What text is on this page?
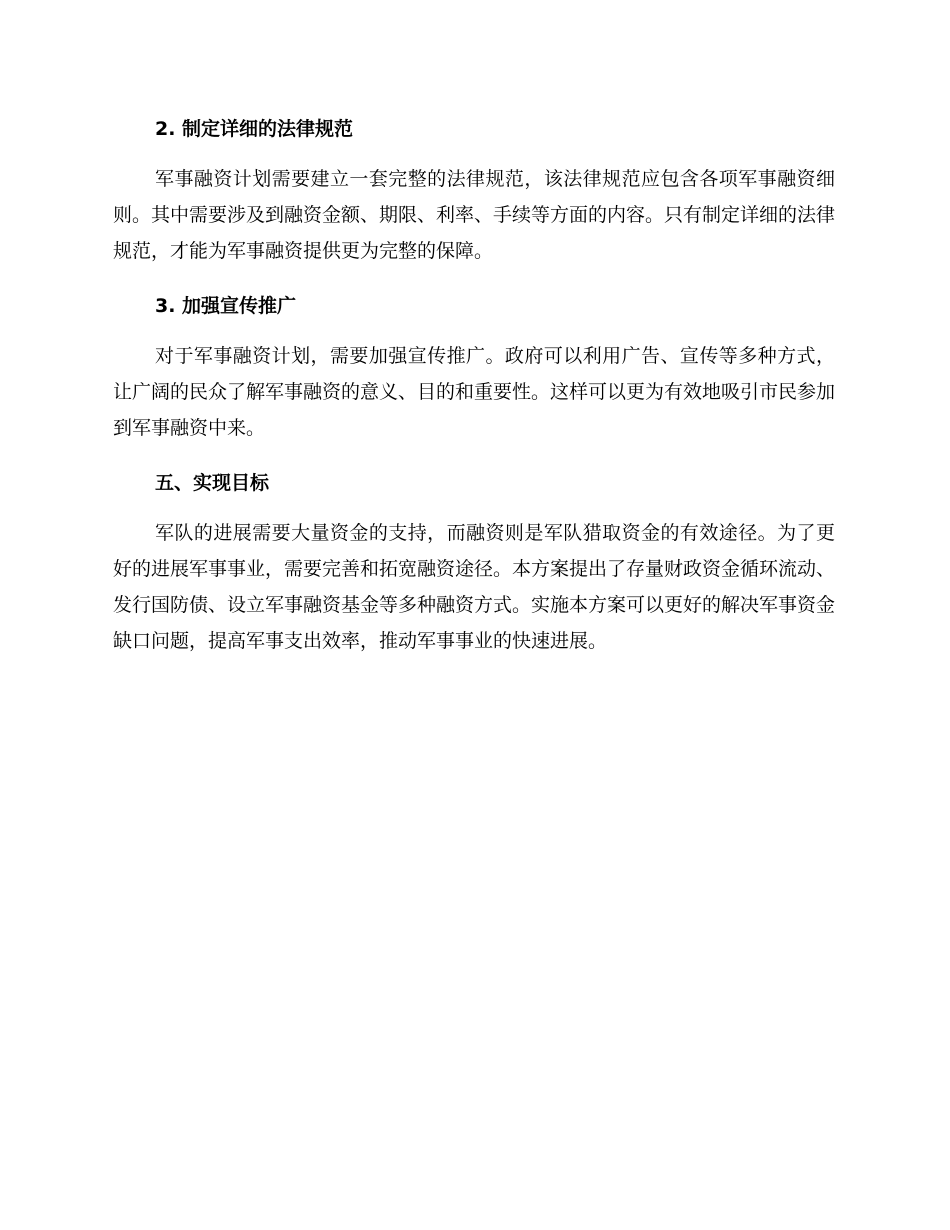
2. 制定详细的法律规范

军事融资计划需要建立一套完整的法律规范，该法律规范应包含各项军事融资细则。其中需要涉及到融资金额、期限、利率、手续等方面的内容。只有制定详细的法律规范，才能为军事融资提供更为完整的保障。

3. 加强宣传推广

对于军事融资计划，需要加强宣传推广。政府可以利用广告、宣传等多种方式，让广阔的民众了解军事融资的意义、目的和重要性。这样可以更为有效地吸引市民参加到军事融资中来。

五、实现目标

军队的进展需要大量资金的支持，而融资则是军队猎取资金的有效途径。为了更好的进展军事事业，需要完善和拓宽融资途径。本方案提出了存量财政资金循环流动、发行国防债、设立军事融资基金等多种融资方式。实施本方案可以更好的解决军事资金缺口问题，提高军事支出效率，推动军事事业的快速进展。
